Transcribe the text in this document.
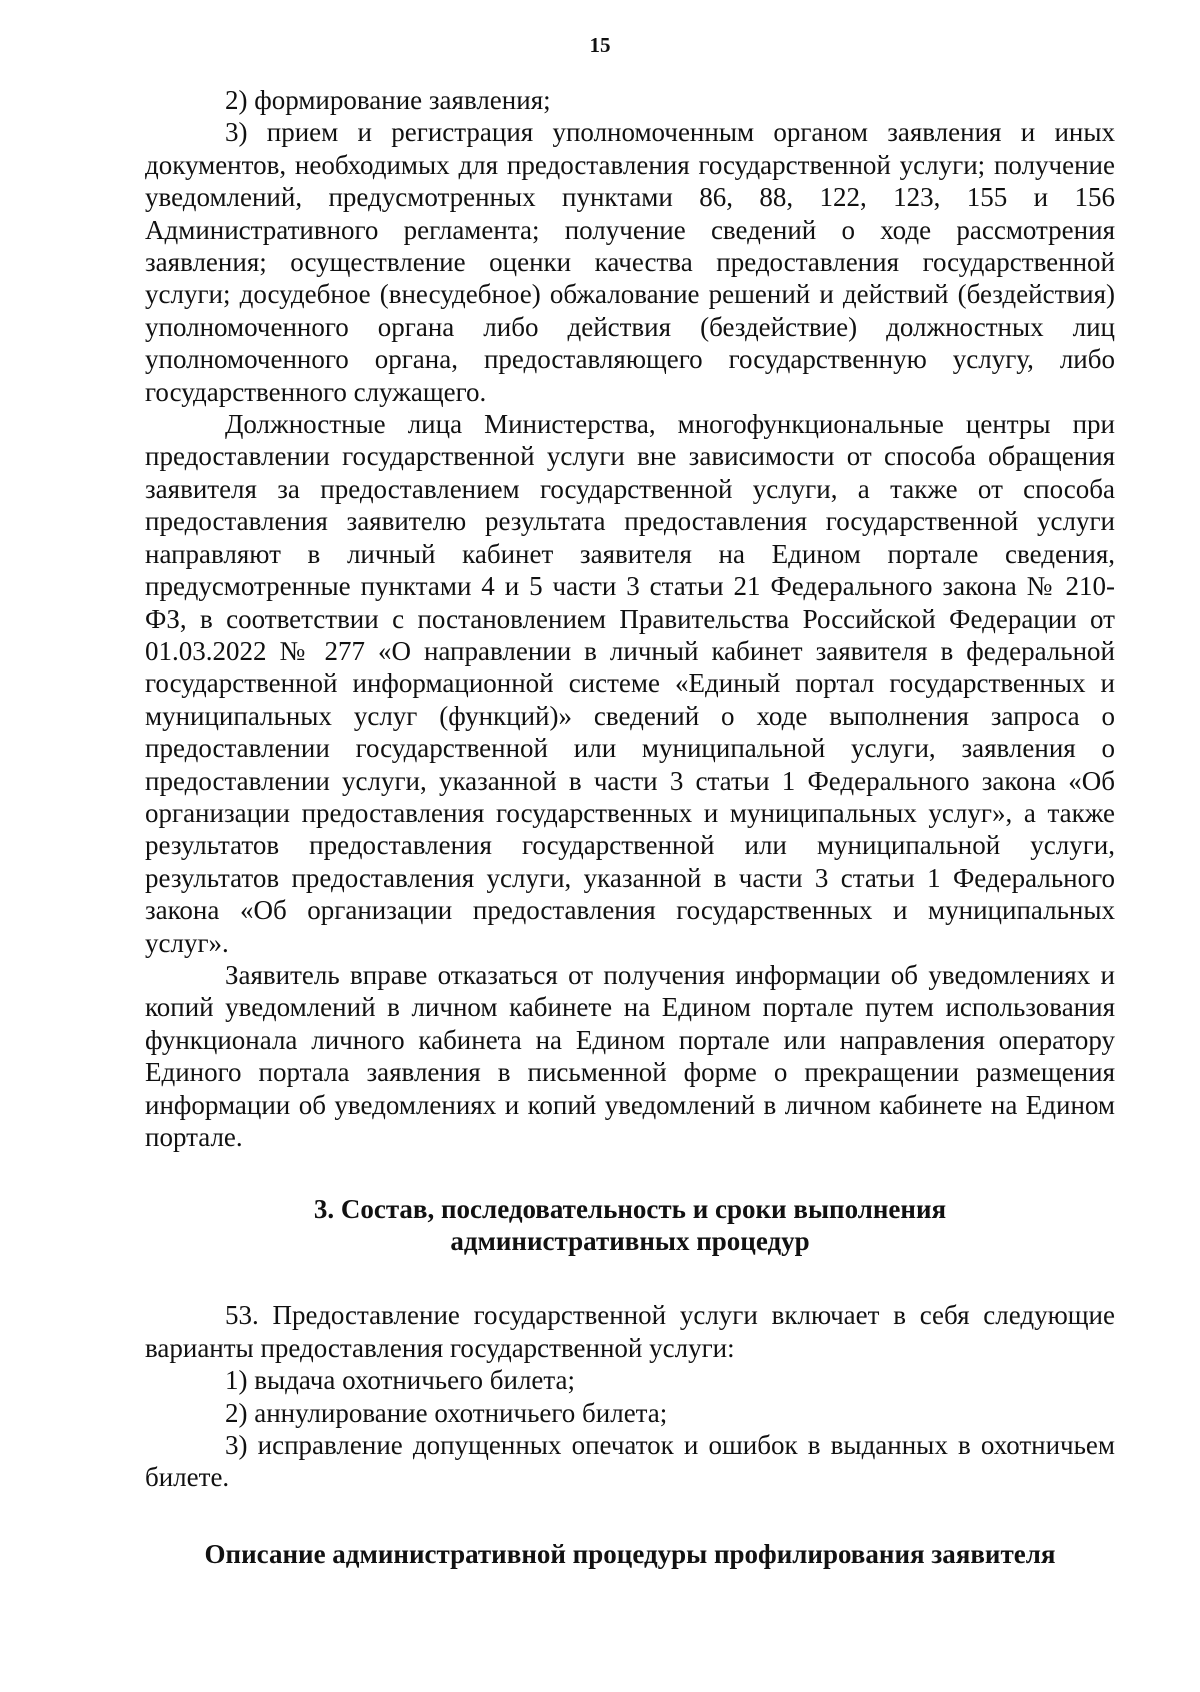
15

2) формирование заявления;

3) прием и регистрация уполномоченным органом заявления и иных документов, необходимых для предоставления государственной услуги; получение уведомлений, предусмотренных пунктами 86, 88, 122, 123, 155 и 156 Административного регламента; получение сведений о ходе рассмотрения заявления; осуществление оценки качества предоставления государственной услуги; досудебное (внесудебное) обжалование решений и действий (бездействия) уполномоченного органа либо действия (бездействие) должностных лиц уполномоченного органа, предоставляющего государственную услугу, либо государственного служащего.

Должностные лица Министерства, многофункциональные центры при предоставлении государственной услуги вне зависимости от способа обращения заявителя за предоставлением государственной услуги, а также от способа предоставления заявителю результата предоставления государственной услуги направляют в личный кабинет заявителя на Едином портале сведения, предусмотренные пунктами 4 и 5 части 3 статьи 21 Федерального закона № 210-ФЗ, в соответствии с постановлением Правительства Российской Федерации от 01.03.2022 № 277 «О направлении в личный кабинет заявителя в федеральной государственной информационной системе «Единый портал государственных и муниципальных услуг (функций)» сведений о ходе выполнения запроса о предоставлении государственной или муниципальной услуги, заявления о предоставлении услуги, указанной в части 3 статьи 1 Федерального закона «Об организации предоставления государственных и муниципальных услуг», а также результатов предоставления государственной или муниципальной услуги, результатов предоставления услуги, указанной в части 3 статьи 1 Федерального закона «Об организации предоставления государственных и муниципальных услуг».

Заявитель вправе отказаться от получения информации об уведомлениях и копий уведомлений в личном кабинете на Едином портале путем использования функционала личного кабинета на Едином портале или направления оператору Единого портала заявления в письменной форме о прекращении размещения информации об уведомлениях и копий уведомлений в личном кабинете на Едином портале.

3. Состав, последовательность и сроки выполнения
административных процедур

53. Предоставление государственной услуги включает в себя следующие варианты предоставления государственной услуги:

1) выдача охотничьего билета;

2) аннулирование охотничьего билета;

3) исправление допущенных опечаток и ошибок в выданных в охотничьем билете.

Описание административной процедуры профилирования заявителя
